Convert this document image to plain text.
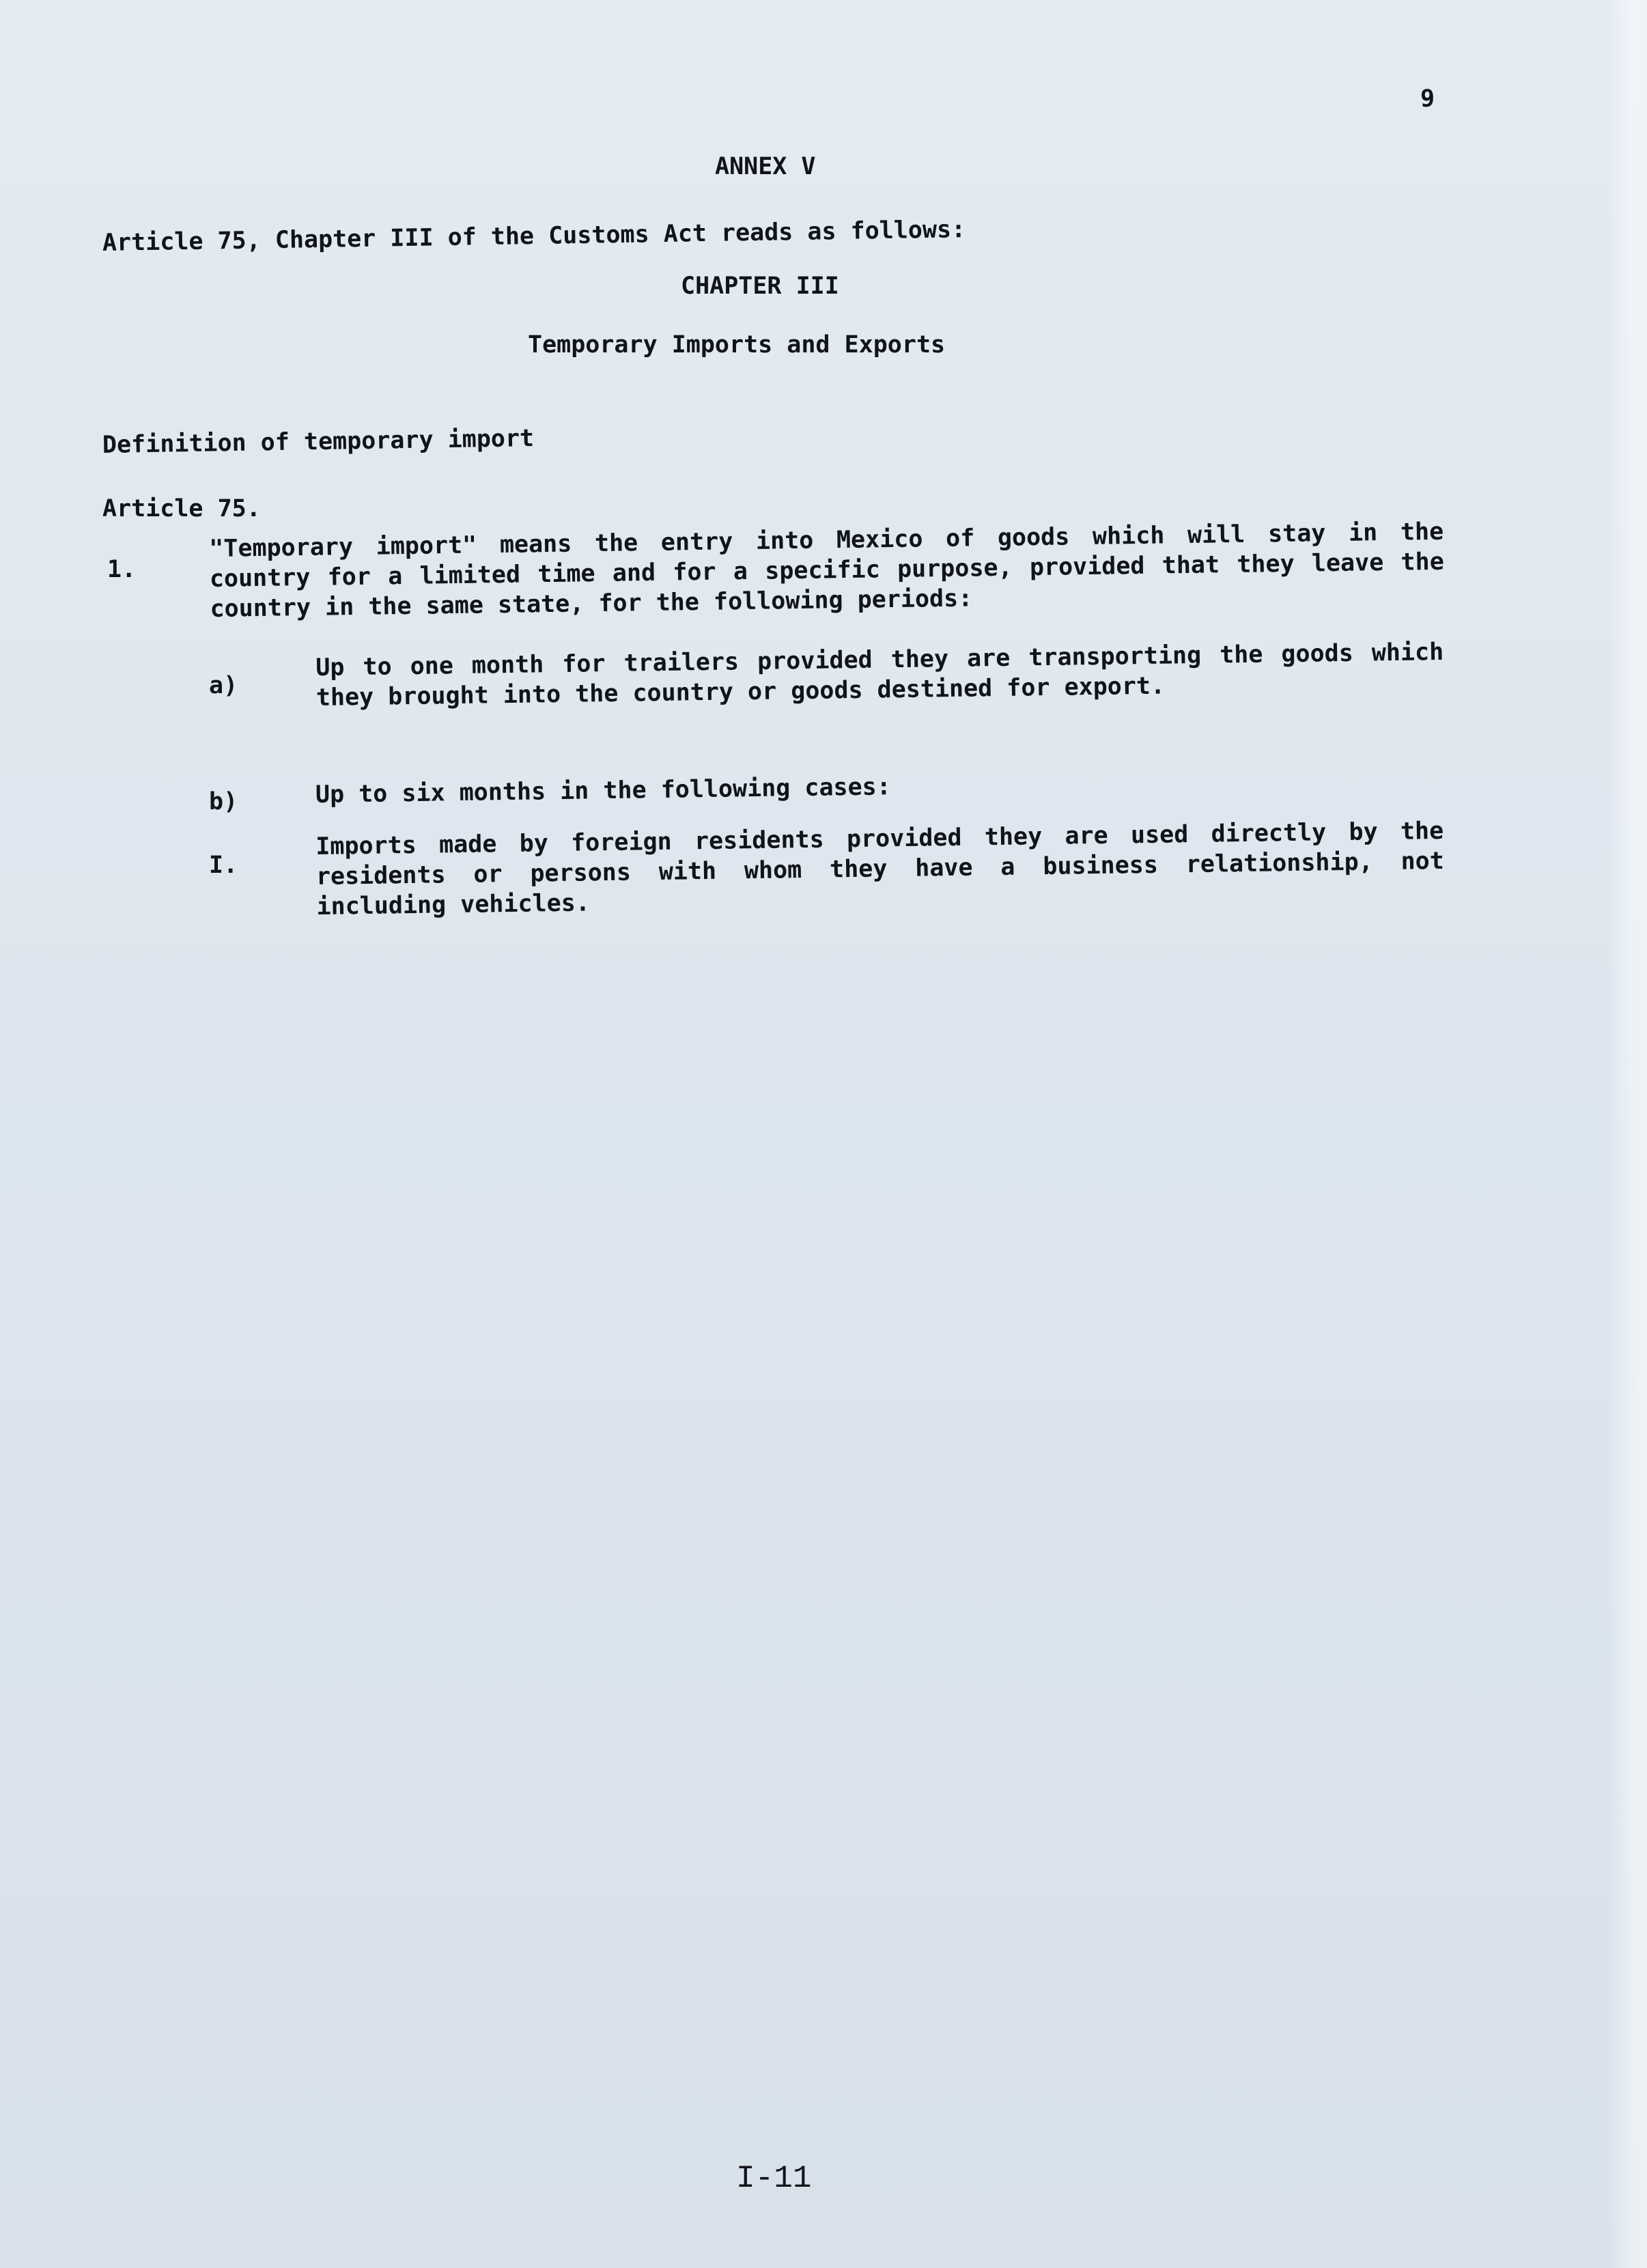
9
ANNEX V
Article 75, Chapter III of the Customs Act reads as follows:
CHAPTER III
Temporary Imports and Exports
Definition of temporary import
Article 75.
1.
"Temporary import" means the entry into Mexico of goods which will stay in the country for a limited time and for a specific purpose, provided that they leave the country in the same state, for the following periods:
a)
Up to one month for trailers provided they are transporting the goods which they brought into the country or goods destined for export.
b)	Up to six months in the following cases:
I.
Imports made by foreign residents provided they are used directly by the residents or persons with whom they have a business relationship, not including vehicles.
I-11
